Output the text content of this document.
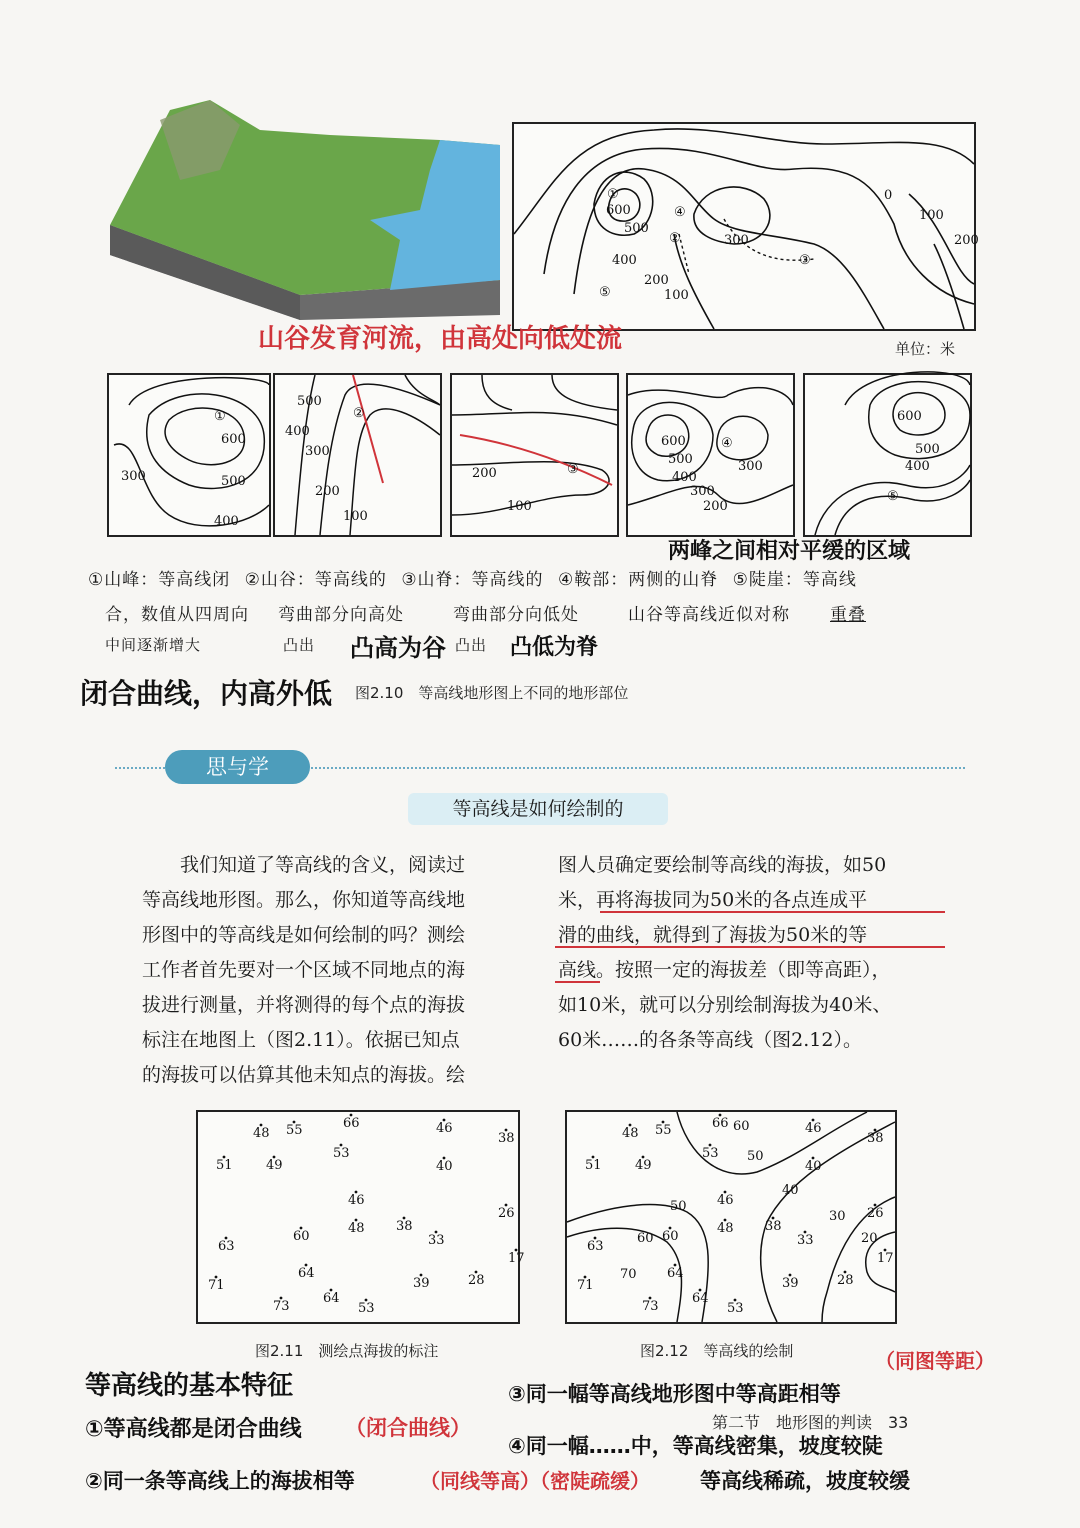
①
600
500
400
300
200
100
0
100
200
②
③
④
⑤
单位：米
山谷发育河流，由高处向低处流
①
600
500
400
300
500
400
300
②
200
100
③
200
100
600
500
400
300
300
200
④
600
500
400
⑤
两峰之间相对平缓的区域
①山峰：等高线闭 ②山谷：等高线的 ③山脊：等高线的 ④鞍部：两侧的山脊 ⑤陡崖：等高线
合，数值从四周向 弯曲部分向高处	弯曲部分向低处	山谷等高线近似对称 重叠
中间逐渐增大	凸出	凸出
凸高为谷	凸低为脊
闭合曲线，内高外低 图2.10　等高线地形图上不同的地形部位
思与学
等高线是如何绘制的
我们知道了等高线的含义，阅读过
等高线地形图。那么，你知道等高线地
形图中的等高线是如何绘制的吗？测绘
工作者首先要对一个区域不同地点的海
拔进行测量，并将测得的每个点的海拔
标注在地图上（图2.11）。依据已知点
的海拔可以估算其他未知点的海拔。绘
图人员确定要绘制等高线的海拔，如50
米，再将海拔同为50米的各点连成平
滑的曲线，就得到了海拔为50米的等
高线。按照一定的海拔差（即等高距），
如10米，就可以分别绘制海拔为40米、
60米……的各条等高线（图2.12）。
48 55	66	46
38
51	49
53
40
46
26
60
48 38
33
63
17
64
71	39	28
73
64
53
图2.11　测绘点海拔的标注
60
50
50
40
30
20
60
70
48 55	66	46
38
51	49
53
40
46
26
60
48 38
33
63
17
64
71	39	28
73
64
53
图2.12　等高线的绘制
等高线的基本特征
①等高线都是闭合曲线 （闭合曲线）
②同一条等高线上的海拔相等	（同线等高）（密陡疏缓） 等高线稀疏，坡度较缓
③同一幅等高线地形图中等高距相等
（同图等距）
④同一幅……中，等高线密集，坡度较陡
第二节　地形图的判读　33
